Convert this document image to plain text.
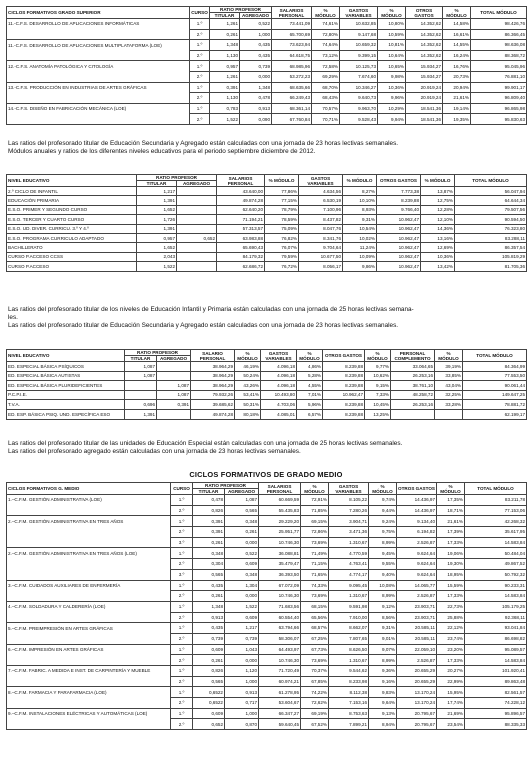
CICLOS FORMATIVOS GRADO SUPERIOR	CURSO	RATIO PROFESOR		SALARIOS PERSONAL	% MÓDULO	GASTOS VARIABLES	% MÓDULO	OTROS GASTOS	% MÓDULO	TOTAL MÓDULO
		TITULAR	AGREGADO							
11.-C.F.S. DESARROLLO DE APLICACIONES INFORMÁTICAS	1.º	1,261	0,522	73.441,09	74,61%	10.632,85	10,80%	14.352,62	14,58%	98.426,76
	2.º	0,261	1,000	65.700,69	72,80%	9.147,68	10,59%	14.352,62	16,61%	86.366,45
11.-C.F.S. DESARROLLO DE APLICACIONES MULTIPLATAFORMA (LOE)	1.º	1,348	0,435	73.623,94	74,64%	10.659,32	10,81%	14.352,62	14,55%	98.636,08
	2.º	1,130	0,435	64.618,75	73,12%	9.399,15	10,64%	14.352,62	16,24%	88.368,72
12.-C.F.S. ANATOMÍA PATOLÓGICA Y CITOLOGÍA	1.º	0,957	0,739	68.985,96	72,58%	10.125,73	10,65%	15.934,27	16,76%	95.045,96
	2.º	1,261	0,000	53.272,23	69,29%	7.674,60	9,98%	15.934,27	20,73%	76.881,10
13.-C.F.S. PRODUCCIÓN EN INDUSTRIAS DE ARTES GRÁFICAS	1.º	0,391	1,348	68.635,66	68,70%	10.346,27	10,36%	20.919,24	20,94%	99.901,17
	2.º	1,130	0,478	66.249,43	68,43%	9.640,73	9,96%	20.919,24	21,61%	96.809,40
14.-C.F.S. DISEÑO EN FABRICACIÓN MECÁNICA (LOE)	1.º	0,783	0,913	68.361,14	70,57%	9.963,70	10,29%	18.541,36	19,14%	96.865,98
	2.º	1,522	0,090	67.760,84	70,71%	9.528,43	9,94%	18.541,36	19,35%	95.830,63
Las ratios del profesorado titular de Educación Secundaria y Agregado están calculadas con una jornada de 23 horas lectivas semanales.
Módulos anuales y ratios de los diferentes niveles educativos para el periodo septiembre diciembre de 2012.
NIVEL EDUCATIVO	RATIO PROFESOR		SALARIOS PERSONAL	% MÓDULO	GASTOS VARIABLES	% MÓDULO	OTROS GASTOS	% MÓDULO	TOTAL MÓDULO
	TITULAR	AGREGADO							
2.º CICLO DE INFANTIL	1,217		43.640,00	77,86%	4.634,56	8,27%	7.773,38	13,87%	56.047,94
EDUCACIÓN PRIMARIA	1,391		49.874,28	77,15%	6.530,19	10,10%	8.239,88	12,75%	64.644,34
E.S.O. PRIMER Y SEGUNDO CURSO	1,652		62.640,20	78,79%	7.100,96	8,93%	9.766,40	12,28%	79.507,56
E.S.O. TERCER Y CUARTO CURSO	1,726		71.194,21	78,59%	8.437,82	9,31%	10.962,47	12,10%	90.594,50
E.S.O. UD. DIVER. CURRICU. 3.º Y 4.º	1,391		57.313,57	75,09%	8.047,76	10,54%	10.962,47	14,36%	76.323,80
E.S.O. PROGRAMA CURRICULO ADAPTADO	0,957	0,652	63.983,88	76,82%	8.341,76	10,02%	10.962,47	13,16%	83.288,11
BACHILLERATO	1,652		65.690,43	76,07%	9.704,64	11,24%	10.962,47	12,69%	86.357,54
CURSO P.ACCESO CCSS	2,043		84.179,32	79,59%	10.677,50	10,09%	10.962,47	10,36%	105.819,29
CURSO P.ACCESO	1,522		62.686,72	76,72%	8.056,17	9,86%	10.962,47	13,42%	81.705,36
Las ratios del profesorado titular de los niveles de Educación Infantil y Primaria están calculadas con una jornada de 25 horas lectivas semana-
les.
Las ratios del profesorado titular de Educación Secundaria y Agregado están calculadas con una jornada de 23 horas lectivas semanales.
NIVEL EDUCATIVO	RATIO PROFESOR		SALARIO PERSONAL	% MÓDULO	GASTOS VARIABLES	% MÓDULO	OTROS GASTOS	% MÓDULO	PERSONAL COMPLEMENTO	% MÓDULO	TOTAL MÓDULO
	TITULAR	AGREGADO									
ED. ESPECIAL BÁSICA PSÍQUICOS	1,087		38.964,29	46,19%	4.096,18	4,86%	8.239,88	9,77%	33.064,65	39,19%	84.364,99
ED. ESPECIAL BÁSICA AUTISTAS	1,087		38.964,29	50,24%	4.096,18	5,28%	8.239,88	10,62%	26.253,16	33,85%	77.553,50
ED. ESPECIAL BÁSICA PLURIDEFICIENTES		1,087	38.964,29	43,26%	4.096,18	4,55%	8.239,88	9,15%	38.761,10	43,04%	90.061,44
P.C.P.I.E.		1,087	79.932,26	53,41%	10.493,80	7,01%	10.962,47	7,33%	48.258,72	32,25%	149.647,25
T.V.A.	0,696	0,391	39.685,62	50,31%	4.703,06	5,96%	8.239,88	10,45%	26.253,16	33,28%	78.881,72
ED. ESP. BÁSICA PSIQ. UND. ESPECÍFICA ESO	1,391		49.874,28	80,18%	4.085,01	6,57%	8.239,88	13,25%			62.199,17
Las ratios del profesorado titular de las unidades de Educación Especial están calculadas con una jornada de 25 horas lectivas semanales.
Las ratios del profesorado agregado están calculadas con una jornada de 23 horas lectivas semanales.
CICLOS FORMATIVOS DE GRADO MEDIO
CICLOS FORMATIVOS G. MEDIO	CURSO	RATIO PROFESOR		SALARIOS PERSONAL	% MÓDULO	GASTOS VARIABLES	% MÓDULO	OTROS GASTOS	% MÓDULO	TOTAL MÓDULO
		TITULAR	AGREGADO							
1.–C.F.M. GESTIÓN ADMINISTRATIVA (LOE)	1.º	0,478	1,087	60.669,59	72,91%	8.105,22	9,74%	14.436,97	17,35%	83.211,78
	2.º	0,826	0,565	55.435,83	71,85%	7.280,26	9,44%	14.436,97	18,71%	77.153,06
2.–C.F.M. GESTIÓN ADMINISTRATIVA EN TRES AÑOS	1.º	0,391	0,348	29.229,20	69,15%	3.904,71	9,24%	9.134,40	21,61%	42.268,32
	2.º	0,391	0,261	25.951,77	72,86%	3.471,36	9,75%	6.194,82	17,39%	35.617,95
	3.º	0,261	0,000	10.746,30	73,69%	1.310,67	8,99%	2.526,87	17,33%	14.583,84
2.–C.F.M. GESTIÓN ADMINISTRATIVA EN TRES AÑOS (LOE)	1.º	0,348	0,522	36.088,81	71,49%	4.770,59	9,45%	9.624,64	19,06%	50.484,04
	2.º	0,304	0,609	35.479,47	71,15%	4.763,41	9,55%	9.624,64	19,30%	49.867,52
	3.º	0,565	0,348	36.393,50	71,65%	4.774,17	9,40%	9.624,64	18,95%	50.792,32
3.–C.F.M. CUIDADOS AUXILIARES DE ENFERMERÍA	1.º	0,435	1,304	67.072,09	74,33%	9.095,45	10,08%	14.065,77	15,59%	90.233,31
	2.º	0,261	0,000	10.746,30	73,69%	1.310,67	8,99%	2.526,87	17,33%	14.583,84
4.–C.F.M. SOLDADURA Y CALDERERÍA (LOE)	1.º	1,348	1,522	71.683,56	68,15%	9.591,98	9,12%	23.903,71	22,73%	105.179,25
	2.º	0,913	0,609	60.554,40	65,56%	7.910,00	8,56%	23.903,71	25,88%	92.368,11
5.–C.F.M. PREIMPRESIÓN EN ARTES GRÁFICAS	1.º	0,435	1,217	63.794,66	68,57%	8.662,07	9,31%	20.585,11	22,12%	93.041,84
	2.º	0,739	0,739	58.306,07	67,25%	7.807,65	9,01%	20.585,11	23,74%	86.698,82
6.–C.F.M. IMPRESIÓN EN ARTES GRÁFICAS	1.º	0,609	1,043	64.493,97	67,73%	8.626,50	9,07%	22.059,10	23,20%	95.089,57
	2.º	0,261	0,000	10.746,30	73,69%	1.310,67	8,99%	2.526,87	17,33%	14.583,84
7.–C.F.M. FABRIC. A MEDIDA E INST. DE CARPINTERÍA Y MUEBLE	1.º	0,826	1,120	71.720,49	70,37%	9.544,62	9,36%	20.655,29	20,27%	101.920,41
	2.º	0,565	1,000	60.974,21	67,85%	8.233,98	9,16%	20.655,29	22,99%	89.863,48
8.–C.F.M. FARMACIA Y PARAFARMACIA (LOE)	1.º	0,6522	0,913	61.278,95	74,22%	8.112,38	9,83%	13.170,24	15,95%	82.561,57
	2.º	0,6522	0,717	53.604,67	72,62%	7.153,16	9,64%	13.170,24	17,74%	74.228,12
9.–C.F.M. INSTALACIONES ELÉCTRICAS Y AUTOMÁTICAS (LOE)	1.º	0,609	1,000	66.347,27	69,19%	8.753,63	9,13%	20.795,67	21,69%	95.896,57
	2.º	0,652	0,870	59.640,45	67,52%	7.899,21	8,94%	20.795,67	23,54%	88.335,33
